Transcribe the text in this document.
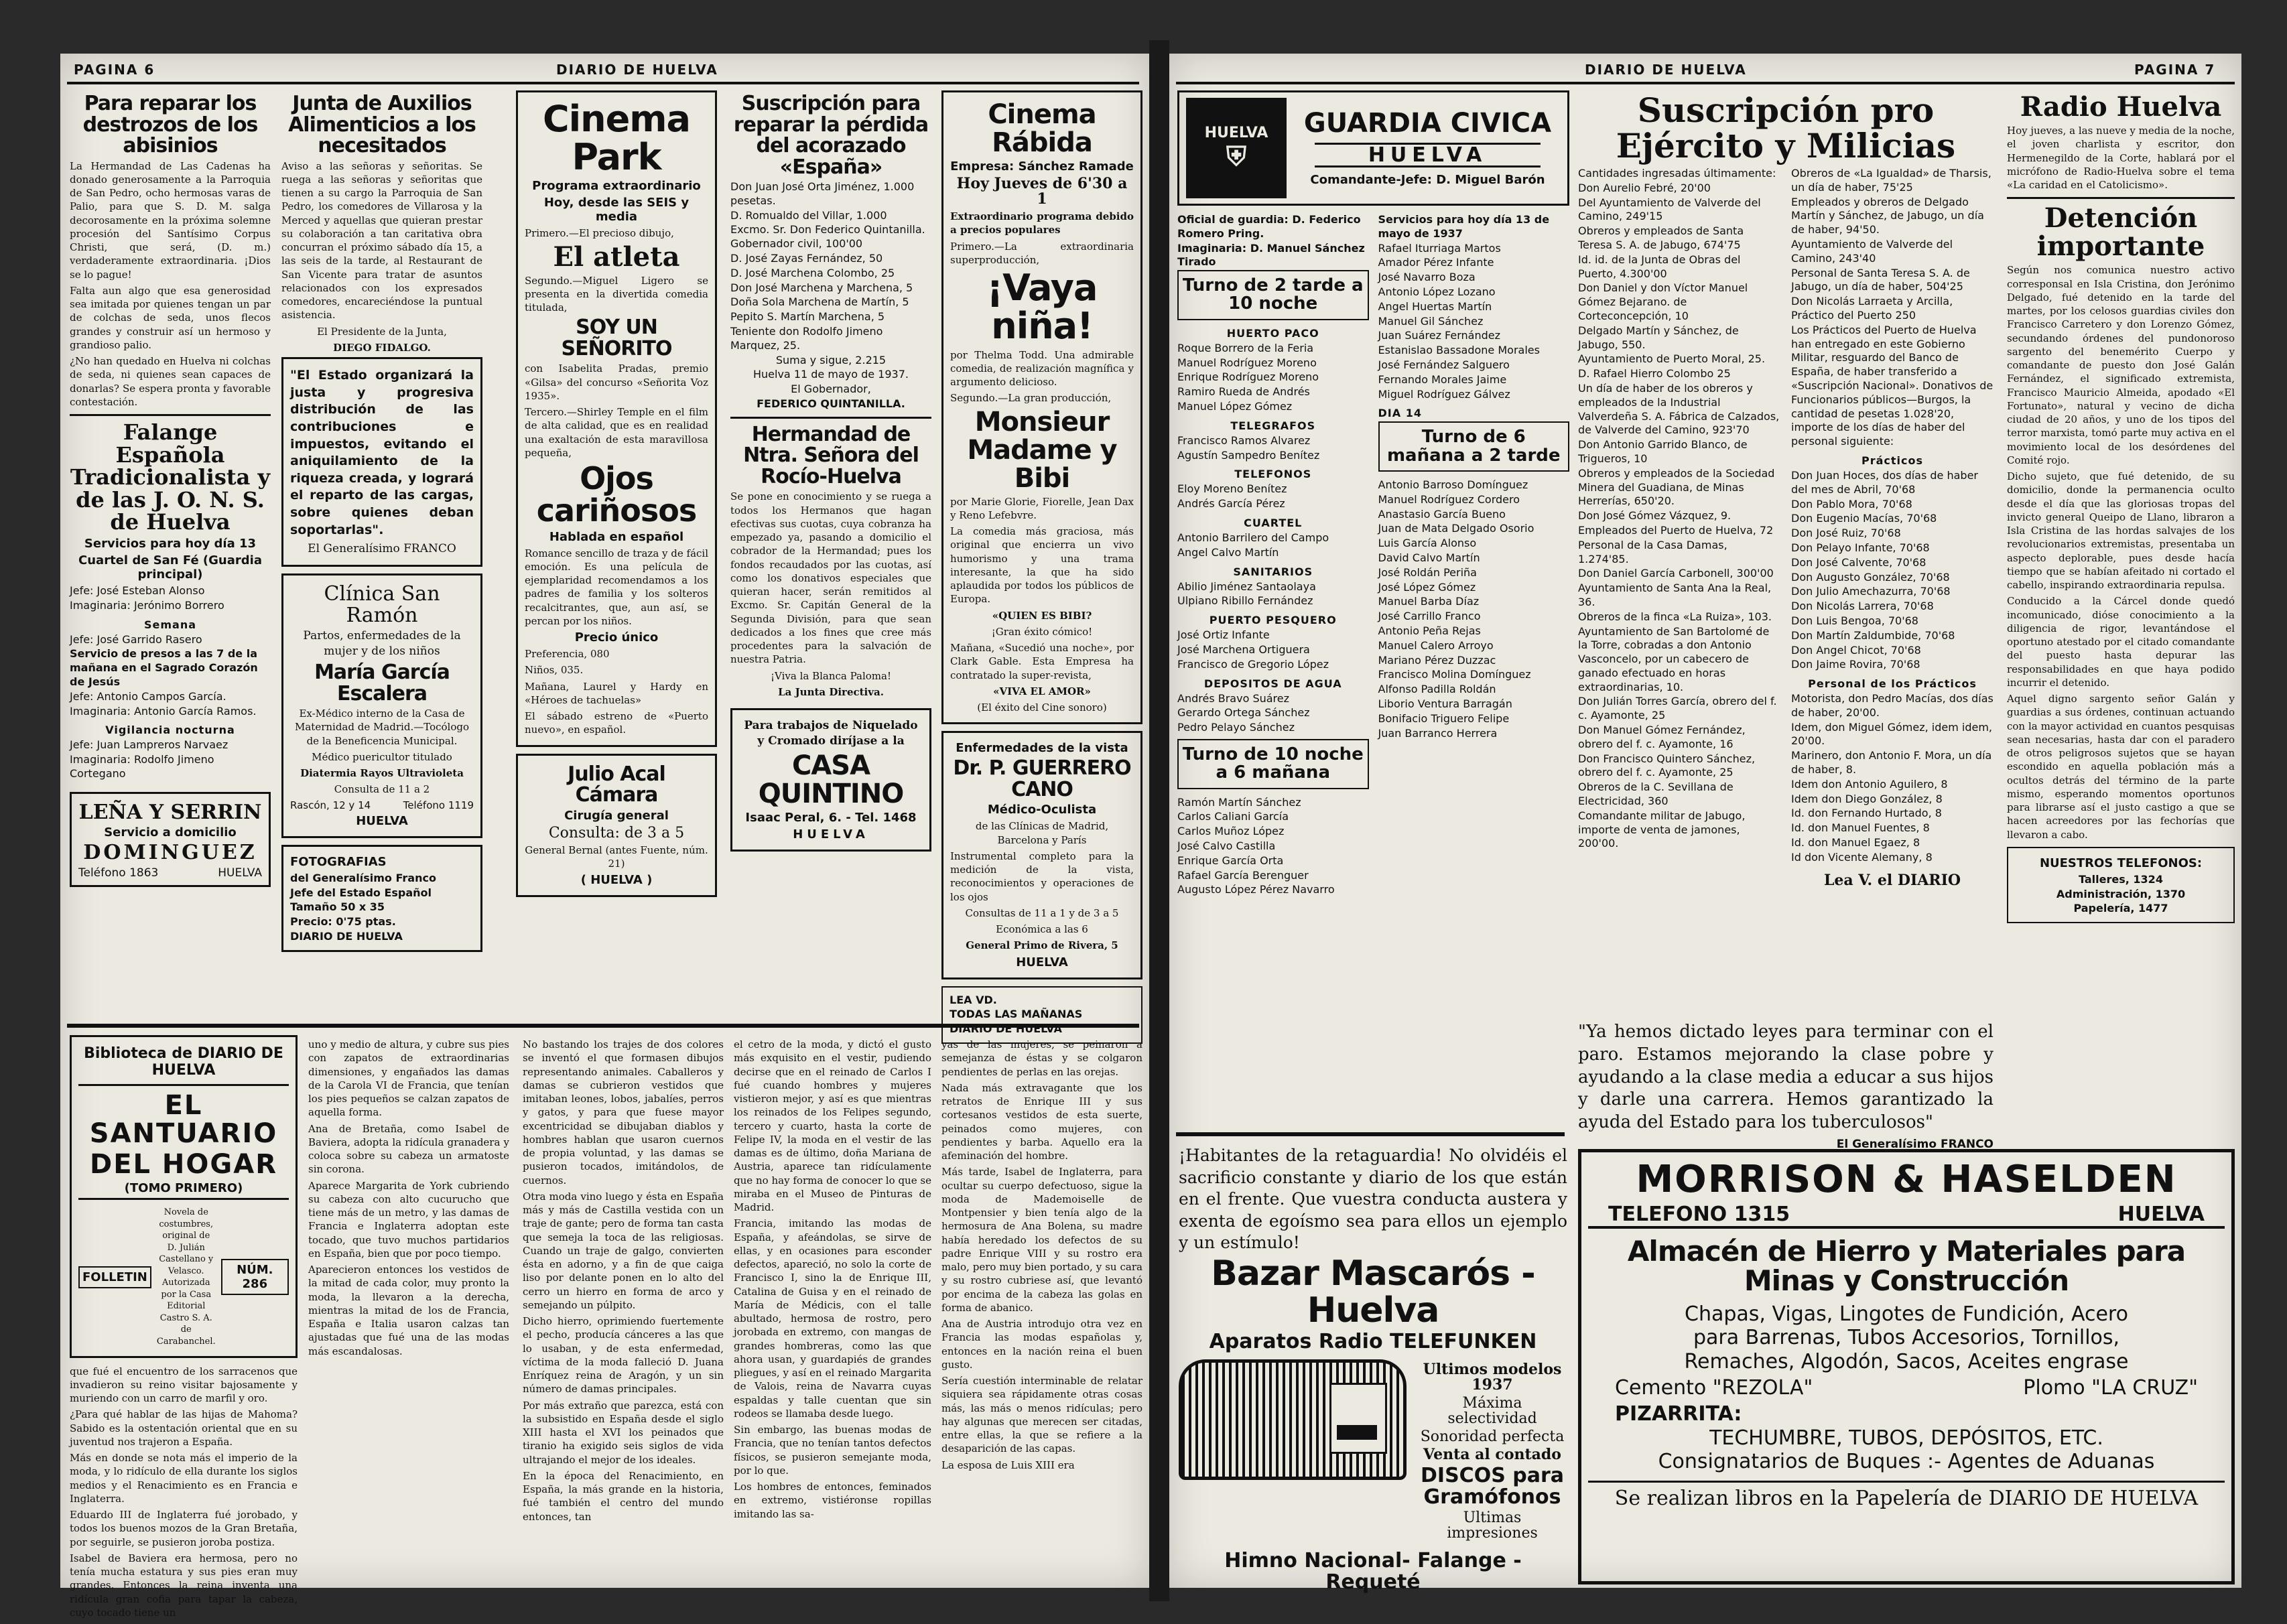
PAGINA 6	DIARIO DE HUELVA
Para reparar los destrozos de los abisinios

La Hermandad de Las Cadenas ha donado generosamente a la Parroquia de San Pedro, ocho hermosas varas de Palio, para que S. D. M. salga decorosamente en la próxima solemne procesión del Santísimo Corpus Christi, que será, (D. m.) verdaderamente extraordinaria. ¡Dios se lo pague!

Falta aun algo que esa generosidad sea imitada por quienes tengan un par de colchas de seda, unos flecos grandes y construir así un hermoso y grandioso palio.

¿No han quedado en Huelva ni colchas de seda, ni quienes sean capaces de donarlas? Se espera pronta y favorable contestación.

Falange Española Tradicionalista y de las J. O. N. S. de Huelva
Servicios para hoy día 13
Cuartel de San Fé (Guardia principal)
Jefe: José Esteban Alonso
Imaginaria: Jerónimo Borrero
Semana
Jefe: José Garrido Rasero
Servicio de presos a las 7 de la mañana en el Sagrado Corazón de Jesús
Jefe: Antonio Campos García.
Imaginaria: Antonio García Ramos.
Vigilancia nocturna
Jefe: Juan Lampreros Narvaez
Imaginaria: Rodolfo Jimeno Cortegano
LEÑA Y SERRIN
Servicio a domicilio
DOMINGUEZ
Teléfono 1863	HUELVA
Junta de Auxilios Alimenticios a los necesitados

Aviso a las señoras y señoritas. Se ruega a las señoras y señoritas que tienen a su cargo la Parroquia de San Pedro, los comedores de Villarosa y la Merced y aquellas que quieran prestar su colaboración a tan caritativa obra concurran el próximo sábado día 15, a las seis de la tarde, al Restaurant de San Vicente para tratar de asuntos relacionados con los expresados comedores, encareciéndose la puntual asistencia.

El Presidente de la Junta,
DIEGO FIDALGO.

"El Estado organizará la justa y progresiva distribución de las contribuciones e impuestos, evitando el aniquilamiento de la riqueza creada, y logrará el reparto de las cargas, sobre quienes deban soportarlas".

El Generalísimo FRANCO
Clínica San Ramón
Partos, enfermedades de la mujer y de los niños
María García Escalera
Ex-Médico interno de la Casa de Maternidad de Madrid.—Tocólogo de la Beneficencia Municipal.
Médico puericultor titulado
Diatermia Rayos Ultravioleta
Consulta de 11 a 2
Rascón, 12 y 14	Teléfono 1119
HUELVA
FOTOGRAFIAS
del Generalísimo Franco
Jefe del Estado Español
Tamaño 50 x 35
Precio: 0'75 ptas.
DIARIO DE HUELVA
Cinema Park
Programa extraordinario
Hoy, desde las SEIS y media
Primero.—El precioso dibujo,
El atleta
Segundo.—Miguel Ligero se presenta en la divertida comedia titulada,
SOY UN SEÑORITO
con Isabelita Pradas, premio «Gilsa» del concurso «Señorita Voz 1935».
Tercero.—Shirley Temple en el film de alta calidad, que es en realidad una exaltación de esta maravillosa pequeña,
Ojos cariñosos
Hablada en español
Romance sencillo de traza y de fácil emoción. Es una película de ejemplaridad recomendamos a los padres de familia y los solteros recalcitrantes, que, aun así, se percan por los niños.
Precio único
Preferencia, 080
Niños, 035.
Mañana, Laurel y Hardy en «Héroes de tachuelas»
El sábado estreno de «Puerto nuevo», en español.
Julio Acal Cámara
Cirugía general
Consulta: de 3 a 5
General Bernal (antes Fuente, núm. 21)
( HUELVA )
Suscripción para reparar la pérdida del acorazado «España»
Don Juan José Orta Jiménez, 1.000 pesetas.
D. Romualdo del Villar, 1.000
Excmo. Sr. Don Federico Quintanilla. Gobernador civil, 100'00
D. José Zayas Fernández, 50
D. José Marchena Colombo, 25
Don José Marchena y Marchena, 5
Doña Sola Marchena de Martín, 5
Pepito S. Martín Marchena, 5
Teniente don Rodolfo Jimeno Marquez, 25.
Suma y sigue, 2.215
Huelva 11 de mayo de 1937.
El Gobernador,
FEDERICO QUINTANILLA.
Hermandad de Ntra. Señora del Rocío-Huelva

Se pone en conocimiento y se ruega a todos los Hermanos que hagan efectivas sus cuotas, cuya cobranza ha empezado ya, pasando a domicilio el cobrador de la Hermandad; pues los fondos recaudados por las cuotas, así como los donativos especiales que quieran hacer, serán remitidos al Excmo. Sr. Capitán General de la Segunda División, para que sean dedicados a los fines que cree más procedentes para la salvación de nuestra Patria.

¡Viva la Blanca Paloma!
La Junta Directiva.
Para trabajos de Niquelado y Cromado diríjase a la
CASA QUINTINO
Isaac Peral, 6. - Tel. 1468
HUELVA
Cinema Rábida
Empresa: Sánchez Ramade
Hoy Jueves de 6'30 a 1
Extraordinario programa debido a precios populares
Primero.—La extraordinaria superproducción,
¡Vaya niña!
por Thelma Todd. Una admirable comedia, de realización magnífica y argumento delicioso.
Segundo.—La gran producción,
Monsieur Madame y Bibi
por Marie Glorie, Fiorelle, Jean Dax y Reno Lefebvre.
La comedia más graciosa, más original que encierra un vivo humorismo y una trama interesante, la que ha sido aplaudida por todos los públicos de Europa.
«QUIEN ES BIBI?
¡Gran éxito cómico!
Mañana, «Sucedió una noche», por Clark Gable. Esta Empresa ha contratado la super-revista,
«VIVA EL AMOR»
(El éxito del Cine sonoro)
Enfermedades de la vista
Dr. P. GUERRERO CANO
Médico-Oculista
de las Clínicas de Madrid, Barcelona y París
Instrumental completo para la medición de la vista, reconocimientos y operaciones de los ojos
Consultas de 11 a 1 y de 3 a 5
Económica a las 6
General Primo de Rivera, 5
HUELVA
LEA VD.
TODAS LAS MAÑANAS
DIARIO DE HUELVA
Biblioteca de DIARIO DE HUELVA
EL SANTUARIO
DEL HOGAR
(TOMO PRIMERO)
FOLLETIN
Novela de costumbres, original de D. Julián Castellano y Velasco. Autorizada por la Casa Editorial Castro S. A. de Carabanchel.
NÚM. 286

que fué el encuentro de los sarracenos que invadieron su reino visitar bajosamente y muriendo con un carro de marfil y oro.

¿Para qué hablar de las hijas de Mahoma? Sabido es la ostentación oriental que en su juventud nos trajeron a España.

Más en donde se nota más el imperio de la moda, y lo ridículo de ella durante los siglos medios y el Renacimiento es en Francia e Inglaterra.

Eduardo III de Inglaterra fué jorobado, y todos los buenos mozos de la Gran Bretaña, por seguirle, se pusieron joroba postiza.

Isabel de Baviera era hermosa, pero no tenía mucha estatura y sus pies eran muy grandes. Entonces la reina inventa una ridícula gran cofia para tapar la cabeza, cuyo tocado tiene un

uno y medio de altura, y cubre sus pies con zapatos de extraordinarias dimensiones, y engañados las damas de la Carola VI de Francia, que tenían los pies pequeños se calzan zapatos de aquella forma.

Ana de Bretaña, como Isabel de Baviera, adopta la ridícula granadera y coloca sobre su cabeza un armatoste sin corona.

Aparece Margarita de York cubriendo su cabeza con alto cucurucho que tiene más de un metro, y las damas de Francia e Inglaterra adoptan este tocado, que tuvo muchos partidarios en España, bien que por poco tiempo.

Aparecieron entonces los vestidos de la mitad de cada color, muy pronto la moda, la llevaron a la derecha, mientras la mitad de los de Francia, España e Italia usaron calzas tan ajustadas que fué una de las modas más escandalosas.

No bastando los trajes de dos colores se inventó el que formasen dibujos representando animales. Caballeros y damas se cubrieron vestidos que imitaban leones, lobos, jabalíes, perros y gatos, y para que fuese mayor excentricidad se dibujaban diablos y hombres hablan que usaron cuernos de propia voluntad, y las damas se pusieron tocados, imitándolos, de cuernos.

Otra moda vino luego y ésta en España más y más de Castilla vestida con un traje de gante; pero de forma tan casta que semeja la toca de las religiosas. Cuando un traje de galgo, convierten ésta en adorno, y a fin de que caiga liso por delante ponen en lo alto del cerro un hierro en forma de arco y semejando un púlpito.

Dicho hierro, oprimiendo fuertemente el pecho, producía cánceres a las que lo usaban, y de esta enfermedad, víctima de la moda falleció D. Juana Enríquez reina de Aragón, y un sin número de damas principales.

Por más extraño que parezca, está con la subsistido en España desde el siglo XIII hasta el XVI los peinados que tiranio ha exigido seis siglos de vida ultrajando el mejor de los ideales.

En la época del Renacimiento, en España, la más grande en la historia, fué también el centro del mundo entonces, tan

el cetro de la moda, y dictó el gusto más exquisito en el vestir, pudiendo decirse que en el reinado de Carlos I fué cuando hombres y mujeres vistieron mejor, y así es que mientras los reinados de los Felipes segundo, tercero y cuarto, hasta la corte de Felipe IV, la moda en el vestir de las damas es de último, doña Mariana de Austria, aparece tan ridículamente que no hay forma de conocer lo que se miraba en el Museo de Pinturas de Madrid.

Francia, imitando las modas de España, y afeándolas, se sirve de ellas, y en ocasiones para esconder defectos, apareció, no solo la corte de Francisco I, sino la de Enrique III, Catalina de Guisa y en el reinado de María de Médicis, con el talle abultado, hermosa de rostro, pero jorobada en extremo, con mangas de grandes hombreras, como las que ahora usan, y guardapiés de grandes pliegues, y así en el reinado Margarita de Valois, reina de Navarra cuyas espaldas y talle cuentan que sin rodeos se llamaba desde luego.

Sin embargo, las buenas modas de Francia, que no tenían tantos defectos físicos, se pusieron semejante moda, por lo que.

Los hombres de entonces, feminados en extremo, vistiéronse ropillas imitando las sa-

yas de las mujeres, se peinaron a semejanza de éstas y se colgaron pendientes de perlas en las orejas.

Nada más extravagante que los retratos de Enrique III y sus cortesanos vestidos de esta suerte, peinados como mujeres, con pendientes y barba. Aquello era la afeminación del hombre.

Más tarde, Isabel de Inglaterra, para ocultar su cuerpo defectuoso, sigue la moda de Mademoiselle de Montpensier y bien tenía algo de la hermosura de Ana Bolena, su madre había heredado los defectos de su padre Enrique VIII y su rostro era malo, pero muy bien portado, y su cara y su rostro cubriese así, que levantó por encima de la cabeza las golas en forma de abanico.

Ana de Austria introdujo otra vez en Francia las modas españolas y, entonces en la nación reina el buen gusto.

Sería cuestión interminable de relatar siquiera sea rápidamente otras cosas más, las más o menos ridículas; pero hay algunas que merecen ser citadas, entre ellas, la que se refiere a la desaparición de las capas.

La esposa de Luis XIII era

DIARIO DE HUELVA	PAGINA 7
HUELVA
⛨
GUARDIA CIVICA
HUELVA
Comandante-Jefe: D. Miguel Barón
Oficial de guardia: D. Federico Romero Pring.
Imaginaria: D. Manuel Sánchez Tirado
Turno de 2 tarde a 10 noche
HUERTO PACO
Roque Borrero de la Feria
Manuel Rodríguez Moreno
Enrique Rodríguez Moreno
Ramiro Rueda de Andrés
Manuel López Gómez
TELEGRAFOS
Francisco Ramos Alvarez
Agustín Sampedro Benítez
TELEFONOS
Eloy Moreno Benítez
Andrés García Pérez
CUARTEL
Antonio Barrilero del Campo
Angel Calvo Martín
SANITARIOS
Abilio Jiménez Santaolaya
Ulpiano Ribillo Fernández
PUERTO PESQUERO
José Ortiz Infante
José Marchena Ortiguera
Francisco de Gregorio López
DEPOSITOS DE AGUA
Andrés Bravo Suárez
Gerardo Ortega Sánchez
Pedro Pelayo Sánchez
Turno de 10 noche a 6 mañana
Ramón Martín Sánchez
Carlos Caliani García
Carlos Muñoz López
José Calvo Castilla
Enrique García Orta
Rafael García Berenguer
Augusto López Pérez Navarro
Servicios para hoy día 13 de mayo de 1937
Rafael Iturriaga Martos
Amador Pérez Infante
José Navarro Boza
Antonio López Lozano
Angel Huertas Martín
Manuel Gil Sánchez
Juan Suárez Fernández
Estanislao Bassadone Morales
José Fernández Salguero
Fernando Morales Jaime
Miguel Rodríguez Gálvez
DIA 14
Turno de 6 mañana a 2 tarde
Antonio Barroso Domínguez
Manuel Rodríguez Cordero
Anastasio García Bueno
Juan de Mata Delgado Osorio
Luis García Alonso
David Calvo Martín
José Roldán Periña
José López Gómez
Manuel Barba Díaz
José Carrillo Franco
Antonio Peña Rejas
Manuel Calero Arroyo
Mariano Pérez Duzzac
Francisco Molina Domínguez
Alfonso Padilla Roldán
Liborio Ventura Barragán
Bonifacio Triguero Felipe
Juan Barranco Herrera
Suscripción pro Ejército y Milicias
Cantidades ingresadas últimamente:
Don Aurelio Febré, 20'00
Del Ayuntamiento de Valverde del Camino, 249'15
Obreros y empleados de Santa Teresa S. A. de Jabugo, 674'75
Id. id. de la Junta de Obras del Puerto, 4.300'00
Don Daniel y don Víctor Manuel Gómez Bejarano. de Corteconcepción, 10
Delgado Martín y Sánchez, de Jabugo, 550.
Ayuntamiento de Puerto Moral, 25.
D. Rafael Hierro Colombo 25
Un día de haber de los obreros y empleados de la Industrial Valverdeña S. A. Fábrica de Calzados, de Valverde del Camino, 923'70
Don Antonio Garrido Blanco, de Trigueros, 10
Obreros y empleados de la Sociedad Minera del Guadiana, de Minas Herrerías, 650'20.
Don José Gómez Vázquez, 9.
Empleados del Puerto de Huelva, 72
Personal de la Casa Damas, 1.274'85.
Don Daniel García Carbonell, 300'00
Ayuntamiento de Santa Ana la Real, 36.
Obreros de la finca «La Ruiza», 103.
Ayuntamiento de San Bartolomé de la Torre, cobradas a don Antonio Vasconcelo, por un cabecero de ganado efectuado en horas extraordinarias, 10.
Don Julián Torres García, obrero del f. c. Ayamonte, 25
Don Manuel Gómez Fernández, obrero del f. c. Ayamonte, 16
Don Francisco Quintero Sánchez, obrero del f. c. Ayamonte, 25
Obreros de la C. Sevillana de Electricidad, 360
Comandante militar de Jabugo, importe de venta de jamones, 200'00.
Obreros de «La Igualdad» de Tharsis, un día de haber, 75'25
Empleados y obreros de Delgado Martín y Sánchez, de Jabugo, un día de haber, 94'50.
Ayuntamiento de Valverde del Camino, 243'40
Personal de Santa Teresa S. A. de Jabugo, un día de haber, 504'25
Don Nicolás Larraeta y Arcilla, Práctico del Puerto 250
Los Prácticos del Puerto de Huelva han entregado en este Gobierno Militar, resguardo del Banco de España, de haber transferido a «Suscripción Nacional». Donativos de Funcionarios públicos—Burgos, la cantidad de pesetas 1.028'20, importe de los días de haber del personal siguiente:
Prácticos
Don Juan Hoces, dos días de haber del mes de Abril, 70'68
Don Pablo Mora, 70'68
Don Eugenio Macías, 70'68
Don José Ruiz, 70'68
Don Pelayo Infante, 70'68
Don José Calvente, 70'68
Don Augusto González, 70'68
Don Julio Amechazurra, 70'68
Don Nicolás Larrera, 70'68
Don Luis Bengoa, 70'68
Don Martín Zaldumbide, 70'68
Don Angel Chicot, 70'68
Don Jaime Rovira, 70'68
Personal de los Prácticos
Motorista, don Pedro Macías, dos días de haber, 20'00.
Idem, don Miguel Gómez, idem idem, 20'00.
Marinero, don Antonio F. Mora, un día de haber, 8.
Idem don Antonio Aguilero, 8
Idem don Diego González, 8
Id. don Fernando Hurtado, 8
Id. don Manuel Fuentes, 8
Id. don Manuel Egaez, 8
Id don Vicente Alemany, 8
Lea V. el DIARIO
Radio Huelva

Hoy jueves, a las nueve y media de la noche, el joven charlista y escritor, don Hermenegildo de la Corte, hablará por el micrófono de Radio-Huelva sobre el tema «La caridad en el Catolicismo».

Detención importante

Según nos comunica nuestro activo corresponsal en Isla Cristina, don Jerónimo Delgado, fué detenido en la tarde del martes, por los celosos guardias civiles don Francisco Carretero y don Lorenzo Gómez, secundando órdenes del pundonoroso sargento del benemérito Cuerpo y comandante de puesto don José Galán Fernández, el significado extremista, Francisco Mauricio Almeida, apodado «El Fortunato», natural y vecino de dicha ciudad de 20 años, y uno de los tipos del terror marxista, tomó parte muy activa en el movimiento local de los desórdenes del Comité rojo.

Dicho sujeto, que fué detenido, de su domicilio, donde la permanencia oculto desde el día que las gloriosas tropas del invicto general Queipo de Llano, libraron a Isla Cristina de las hordas salvajes de los revolucionarios extremistas, presentaba un aspecto deplorable, pues desde hacía tiempo que se habían afeitado ni cortado el cabello, inspirando extraordinaria repulsa.

Conducido a la Cárcel donde quedó incomunicado, dióse conocimiento a la diligencia de rigor, levantándose el oportuno atestado por el citado comandante del puesto hasta depurar las responsabilidades en que haya podido incurrir el detenido.

Aquel digno sargento señor Galán y guardias a sus órdenes, continuan actuando con la mayor actividad en cuantos pesquisas sean necesarias, hasta dar con el paradero de otros peligrosos sujetos que se hayan escondido en aquella población más a ocultos detrás del término de la parte mismo, esperando momentos oportunos para librarse así el justo castigo a que se hacen acreedores por las fechorías que llevaron a cabo.

NUESTROS TELEFONOS:
Talleres, 1324
Administración, 1370
Papelería, 1477

"Ya hemos dictado leyes para terminar con el paro. Estamos mejorando la clase pobre y ayudando a la clase media a educar a sus hijos y darle una carrera. Hemos garantizado la ayuda del Estado para los tuberculosos"

El Generalísimo FRANCO

¡Habitantes de la retaguardia! No olvidéis el sacrificio constante y diario de los que están en el frente. Que vuestra conducta austera y exenta de egoísmo sea para ellos un ejemplo y un estímulo!

Bazar Mascarós - Huelva
Aparatos Radio TELEFUNKEN
Ultimos modelos 1937
Máxima selectividad
Sonoridad perfecta
Venta al contado
DISCOS para Gramófonos
Ultimas impresiones
Himno Nacional- Falange - Requeté
MORRISON & HASELDEN
TELEFONO 1315	HUELVA
Almacén de Hierro y Materiales para Minas y Construcción
Chapas, Vigas, Lingotes de Fundición, Acero
para Barrenas, Tubos Accesorios, Tornillos,
Remaches, Algodón, Sacos, Aceites engrase
Cemento "REZOLA"	Plomo "LA CRUZ"
PIZARRITA:
TECHUMBRE, TUBOS, DEPÓSITOS, ETC.
Consignatarios de Buques :- Agentes de Aduanas
Se realizan libros en la Papelería de DIARIO DE HUELVA
